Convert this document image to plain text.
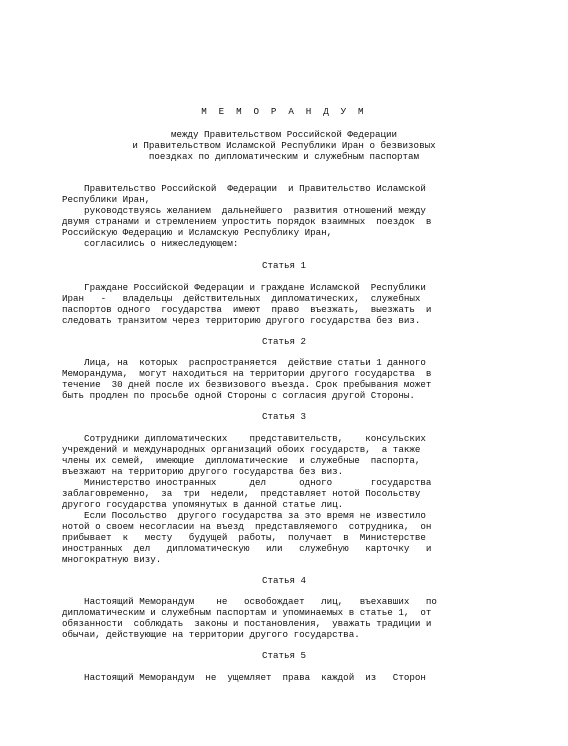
М Е М О Р А Н Д У М
между Правительством Российской Федерации
и Правительством Исламской Республики Иран о безвизовых
поездках по дипломатическим и служебным паспортам
Правительство Российской  Федерации  и Правительство Исламской
Республики Иран,
руководствуясь желанием  дальнейшего  развития отношений между
двумя странами и стремлением упростить порядок взаимных  поездок  в
Российскую Федерацию и Исламскую Республику Иран,
согласились о нижеследующем:
Статья 1
Граждане Российской Федерации и граждане Исламской  Республики
Иран   -   владельцы  действительных  дипломатических,  служебных
паспортов одного  государства  имеют  право  въезжать,  выезжать  и
следовать транзитом через территорию другого государства без виз.
Статья 2
Лица, на  которых  распространяется  действие статьи 1 данного
Меморандума,  могут находиться на территории другого государства  в
течение  30 дней после их безвизового въезда. Срок пребывания может
быть продлен по просьбе одной Стороны с согласия другой Стороны.
Статья 3
Сотрудники дипломатических    представительств,    консульских
учреждений и международных организаций обоих государств,  а также
члены их семей,  имеющие  дипломатические  и служебные  паспорта,
въезжают на территорию другого государства без виз.
Министерство иностранных      дел      одного       государства
заблаговременно,  за  три  недели,  представляет нотой Посольству
другого государства упомянутых в данной статье лиц.
Если Посольство  другого государства за это время не известило
нотой о своем несогласии на въезд  представляемого  сотрудника,  он
прибывает  к   месту   будущей  работы,  получает  в  Министерстве
иностранных  дел   дипломатическую   или   служебную   карточку   и
многократную визу.
Статья 4
Настоящий Меморандум    не   освобождает   лиц,   въехавших   по
дипломатическим и служебным паспортам и упоминаемых в статье 1,  от
обязанности  соблюдать  законы и постановления,  уважать традиции и
обычаи, действующие на территории другого государства.
Статья 5
Настоящий Меморандум  не  ущемляет  права  каждой  из   Сторон
